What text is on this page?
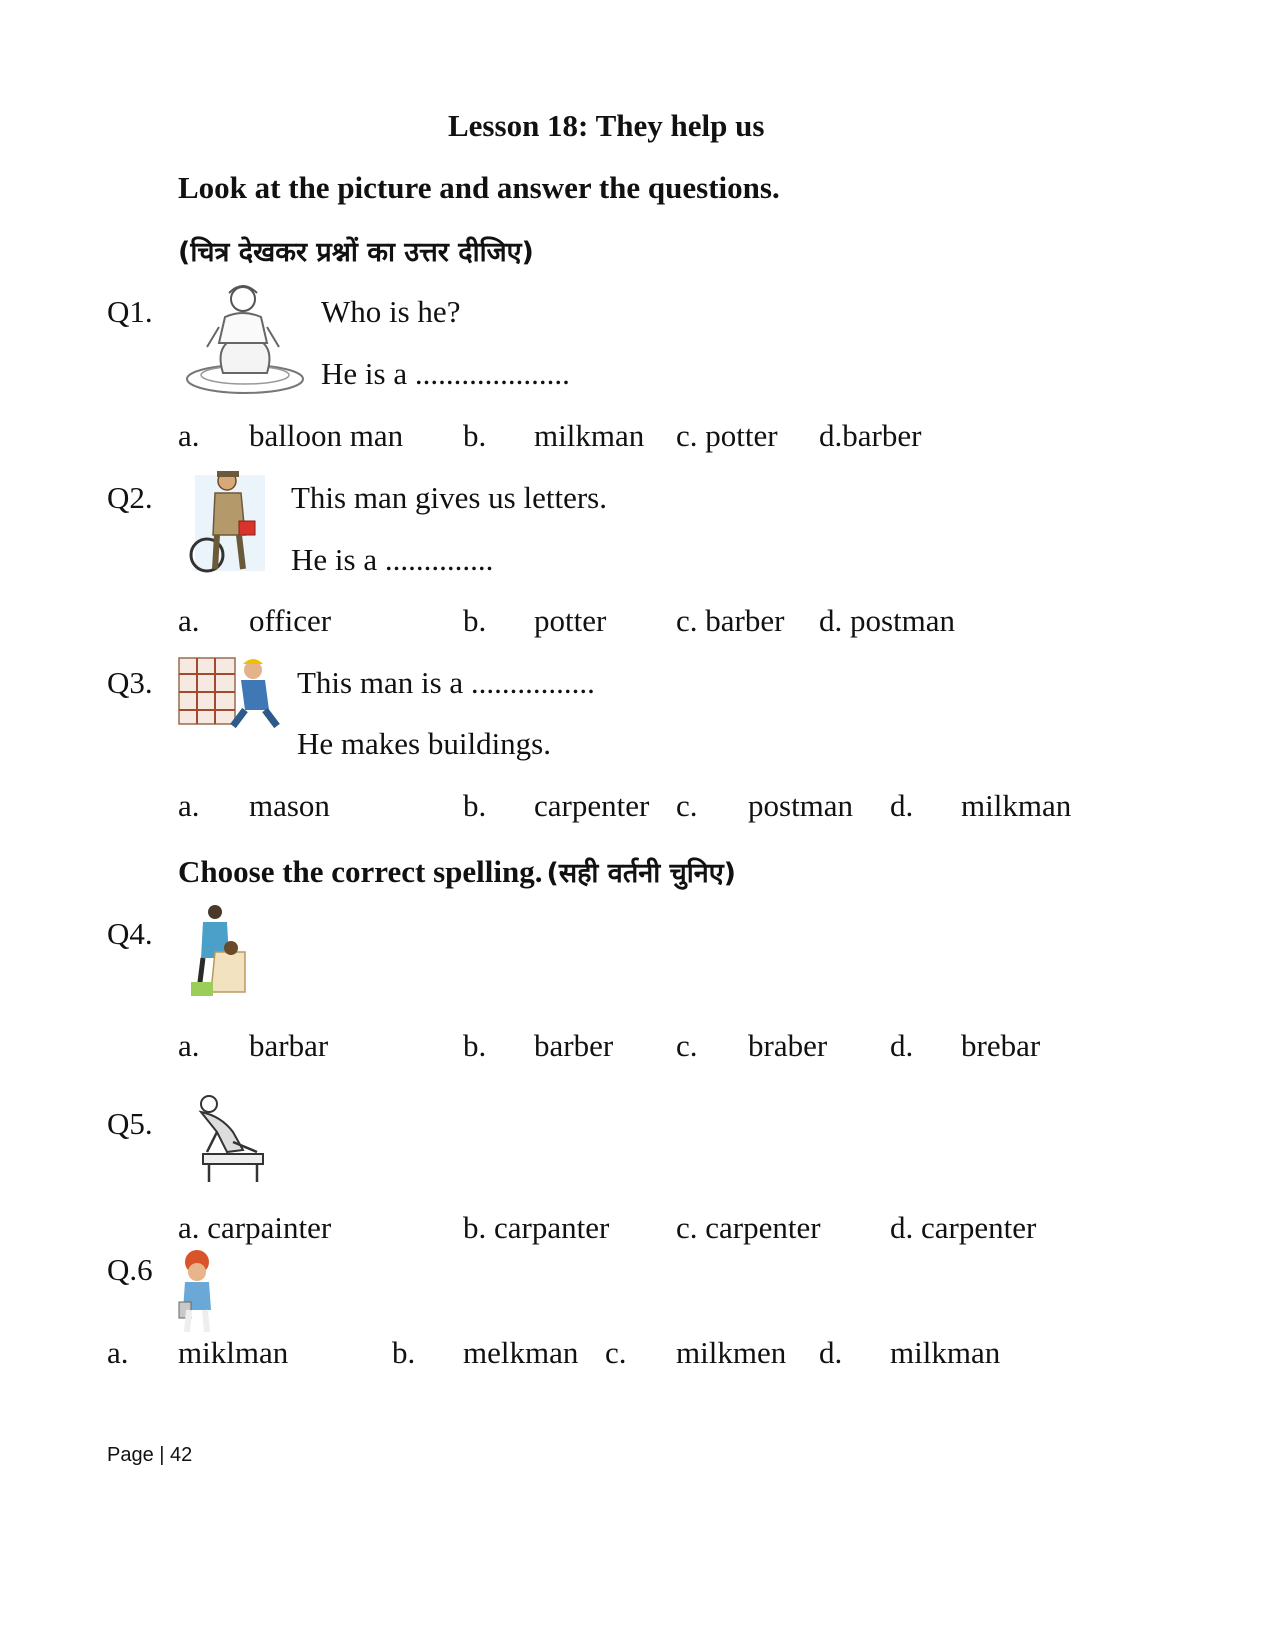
Lesson 18: They help us
Look at the picture and answer the questions.
(चित्र देखकर प्रश्नों का उत्तर दीजिए)
Q1.	Who is he?
He is a ....................
a. balloon man b. milkman c. potter d.barber
Q2.	This man gives us letters.
He is a ..............
a. officer	b. potter c. barber d. postman
Q3.	This man is a ................
He makes buildings.
a. mason	b. carpenter c. postman d. milkman
Choose the correct spelling. (सही वर्तनी चुनिए)
Q4.
a. barbar	b. barber c. braber d. brebar
Q5.
a. carpainter	b. carpanter c. carpenter d. carpenter
Q.6
a. miklman	b. melkman c. milkmen d. milkman
Page | 42
